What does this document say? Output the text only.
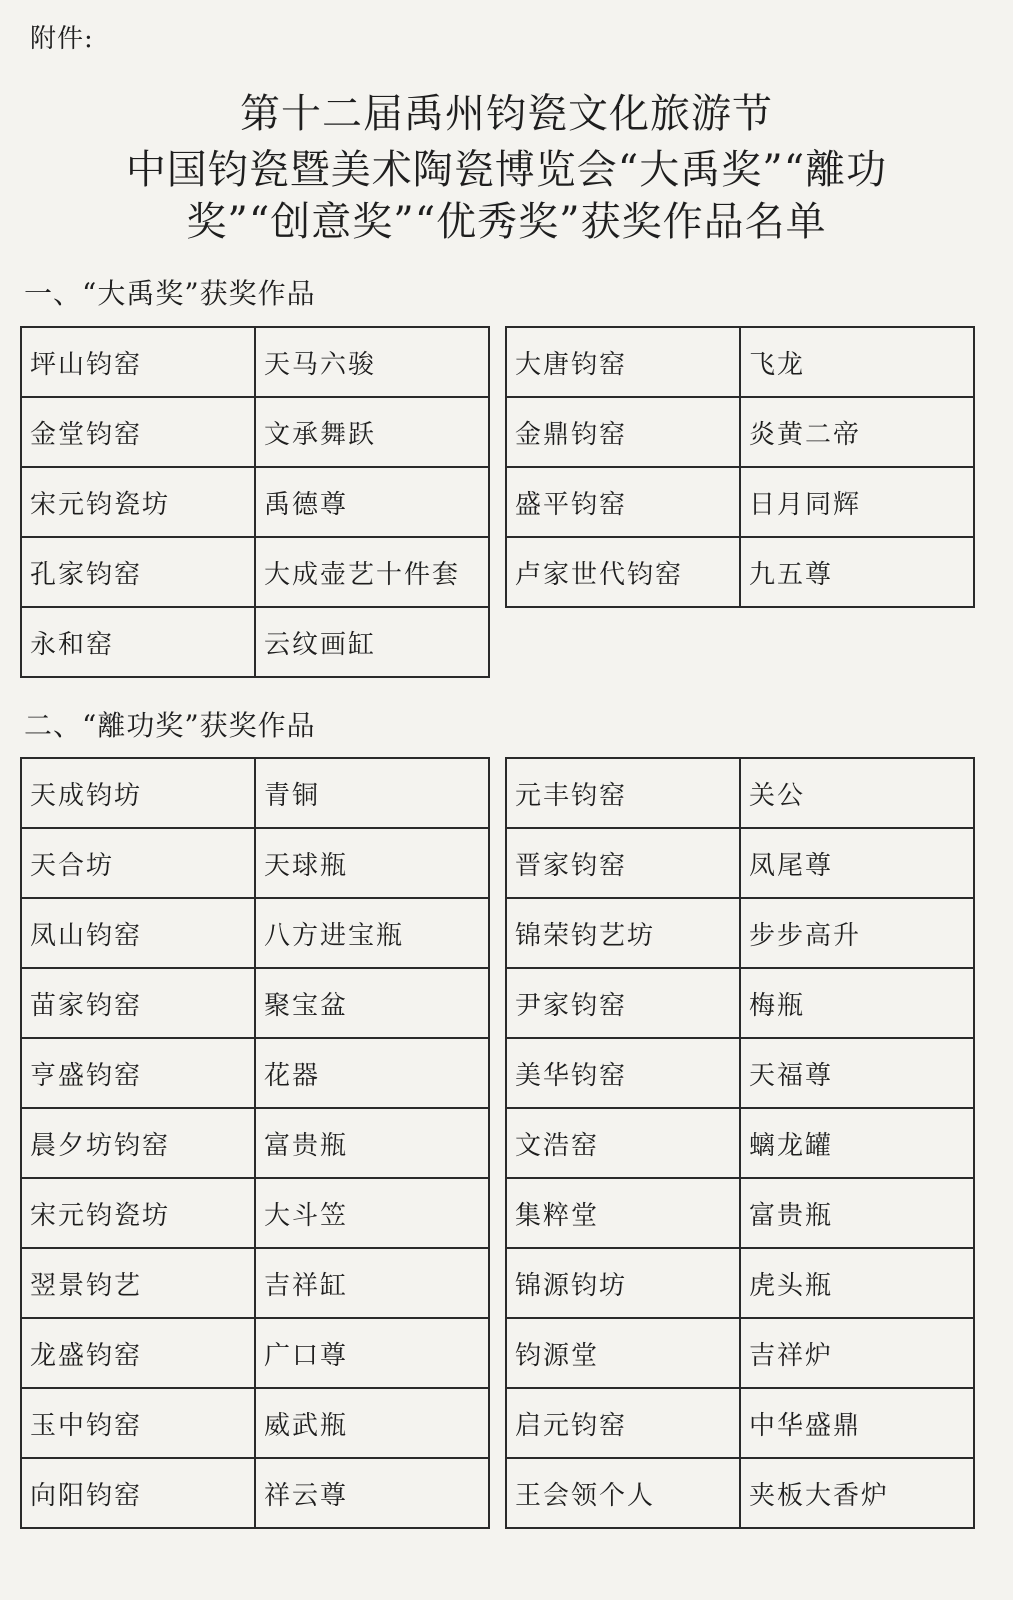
附件:
第十二届禹州钧瓷文化旅游节
中国钧瓷暨美术陶瓷博览会“大禹奖”“離功
奖”“创意奖”“优秀奖”获奖作品名单
一、“大禹奖”获奖作品
坪山钧窑	天马六骏
金堂钧窑	文承舞跃
宋元钧瓷坊	禹德尊
孔家钧窑	大成壶艺十件套
永和窑	云纹画缸
大唐钧窑	飞龙
金鼎钧窑	炎黄二帝
盛平钧窑	日月同辉
卢家世代钧窑	九五尊
二、“離功奖”获奖作品
天成钧坊	青铜
天合坊	天球瓶
凤山钧窑	八方进宝瓶
苗家钧窑	聚宝盆
亨盛钧窑	花器
晨夕坊钧窑	富贵瓶
宋元钧瓷坊	大斗笠
翌景钧艺	吉祥缸
龙盛钧窑	广口尊
玉中钧窑	威武瓶
向阳钧窑	祥云尊
元丰钧窑	关公
晋家钧窑	凤尾尊
锦荣钧艺坊	步步高升
尹家钧窑	梅瓶
美华钧窑	天福尊
文浩窑	螭龙罐
集粹堂	富贵瓶
锦源钧坊	虎头瓶
钧源堂	吉祥炉
启元钧窑	中华盛鼎
王会领个人	夹板大香炉
